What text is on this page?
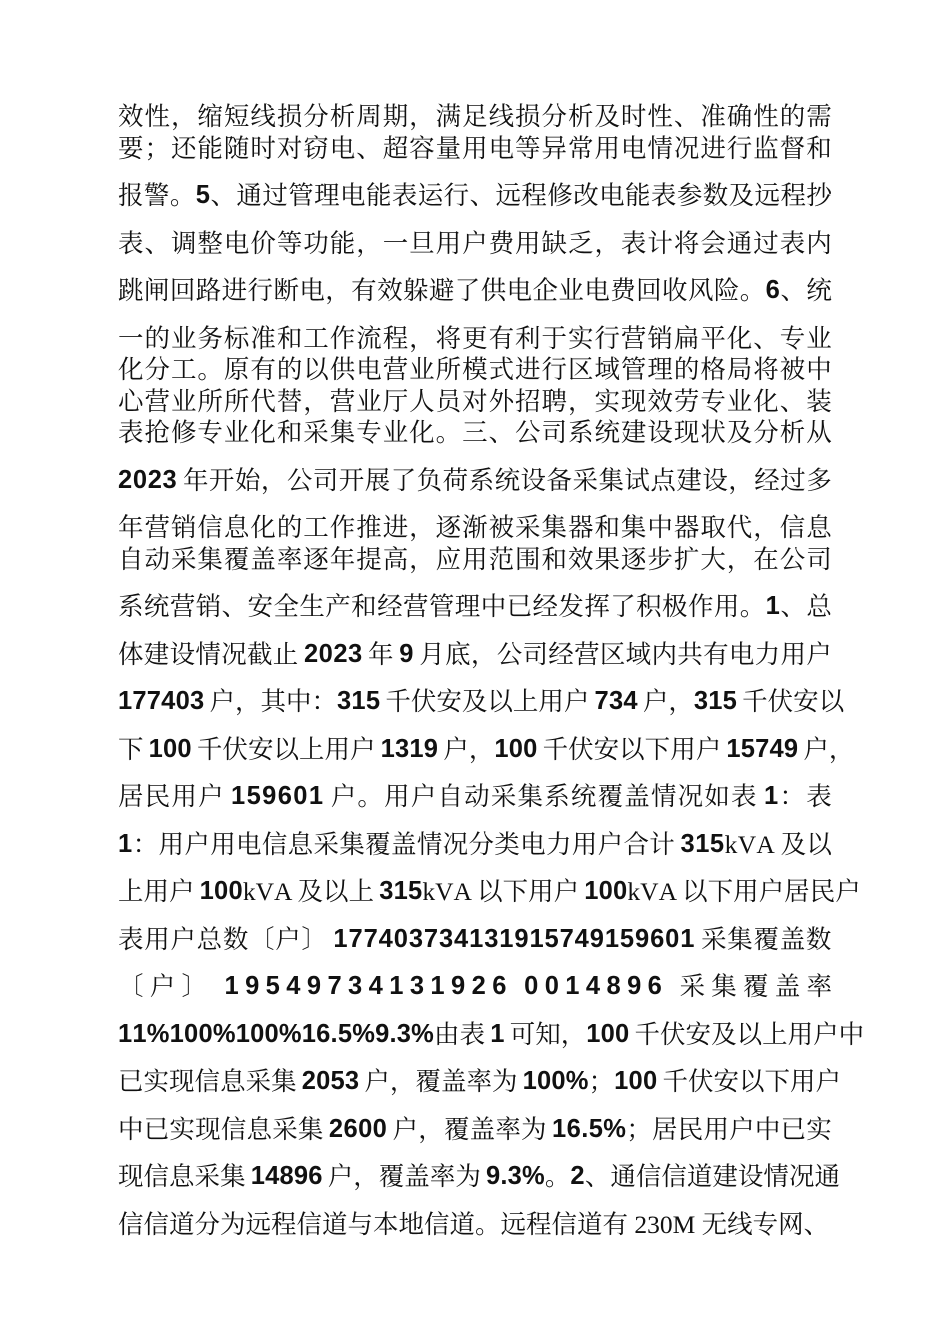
效 性 ， 缩 短 线 损 分 析 周 期 ， 满 足 线 损 分 析 及 时 性 、 准 确 性 的 需
要 ； 还 能 随 时 对 窃 电 、 超 容 量 用 电 等 异 常 用 电 情 况 进 行 监 督 和
报 警 。 5 、 通 过 管 理 电 能 表 运 行 、 远 程 修 改 电 能 表 参 数 及 远 程 抄
表 、 调 整 电 价 等 功 能 ， 一 旦 用 户 费 用 缺 乏 ， 表 计 将 会 通 过 表 内
跳 闸 回 路 进 行 断 电 ， 有 效 躲 避 了 供 电 企 业 电 费 回 收 风 险 。 6 、 统
一 的 业 务 标 准 和 工 作 流 程 ， 将 更 有 利 于 实 行 营 销 扁 平 化 、 专 业
化 分 工 。 原 有 的 以 供 电 营 业 所 模 式 进 行 区 域 管 理 的 格 局 将 被 中
心 营 业 所 所 代 替 ， 营 业 厅 人 员 对 外 招 聘 ， 实 现 效 劳 专 业 化 、 装
表 抢 修 专 业 化 和 采 集 专 业 化 。 三 、 公 司 系 统 建 设 现 状 及 分 析 从
2 0 2 3
  年 开 始 ， 公 司 开 展 了 负 荷 系 统 设 备 采 集 试 点 建 设 ， 经 过 多
年 营 销 信 息 化 的 工 作 推 进 ， 逐 渐 被 采 集 器 和 集 中 器 取 代 ， 信 息
自 动 采 集 覆 盖 率 逐 年 提 高 ， 应 用 范 围 和 效 果 逐 步 扩 大 ， 在 公 司
系 统 营 销 、 安 全 生 产 和 经 营 管 理 中 已 经 发 挥 了 积 极 作 用 。 1 、 总
体 建 设 情 况 截 止
  2 0 2 3
  年
  9
  月 底 ， 公 司 经 营 区 域 内 共 有 电 力 用 户
1 7 7 4 0 3
  户 ， 其 中 ： 3 1 5
  千 伏 安 及 以 上 用 户
  7 3 4
  户 ， 3 1 5
  千 伏 安 以
下
  1 0 0
  千 伏 安 以 上 用 户
  1 3 1 9
  户 ， 1 0 0
  千 伏 安 以 下 用 户
  1 5 7 4 9
  户 ，
居 民 用 户
  1 5 9 6 0 1
  户 。 用 户 自 动 采 集 系 统 覆 盖 情 况 如 表
  1 ： 表
1 ： 用 户 用 电 信 息 采 集 覆 盖 情 况 分 类 电 力 用 户 合 计
  3 1 5 k V A
  及 以
上 用 户
  1 0 0 k V A
  及 以 上
  3 1 5 k V A
  以 下 用 户
  1 0 0 k V A
  以 下 用 户 居 民 户
表 用 户 总 数 〔 户 〕
  1 7 7 4 0 3 7 3 4 1 3 1 9 1 5 7 4 9 1 5 9 6 0 1
  采 集 覆 盖 数
〔 户 〕
  1 9 5 4 9 7 3 4 1 3 1 9 2 6
  0 0 1 4 8 9 6
  采 集 覆 盖 率
1 1 % 1 0 0 % 1 0 0 % 1 6 . 5 % 9 . 3 % 由 表
  1
  可 知 ， 1 0 0
  千 伏 安 及 以 上 用 户 中
已 实 现 信 息 采 集
  2 0 5 3
  户 ， 覆 盖 率 为
  1 0 0 % ； 1 0 0
  千 伏 安 以 下 用 户
中 已 实 现 信 息 采 集
  2 6 0 0
  户 ， 覆 盖 率 为
  1 6 . 5 % ； 居 民 用 户 中 已 实
现 信 息 采 集
  1 4 8 9 6
  户 ， 覆 盖 率 为
  9 . 3 % 。 2 、 通 信 信 道 建 设 情 况 通
信信道分为远程信道与本地信道。远程信道有 230M 无线专网、
